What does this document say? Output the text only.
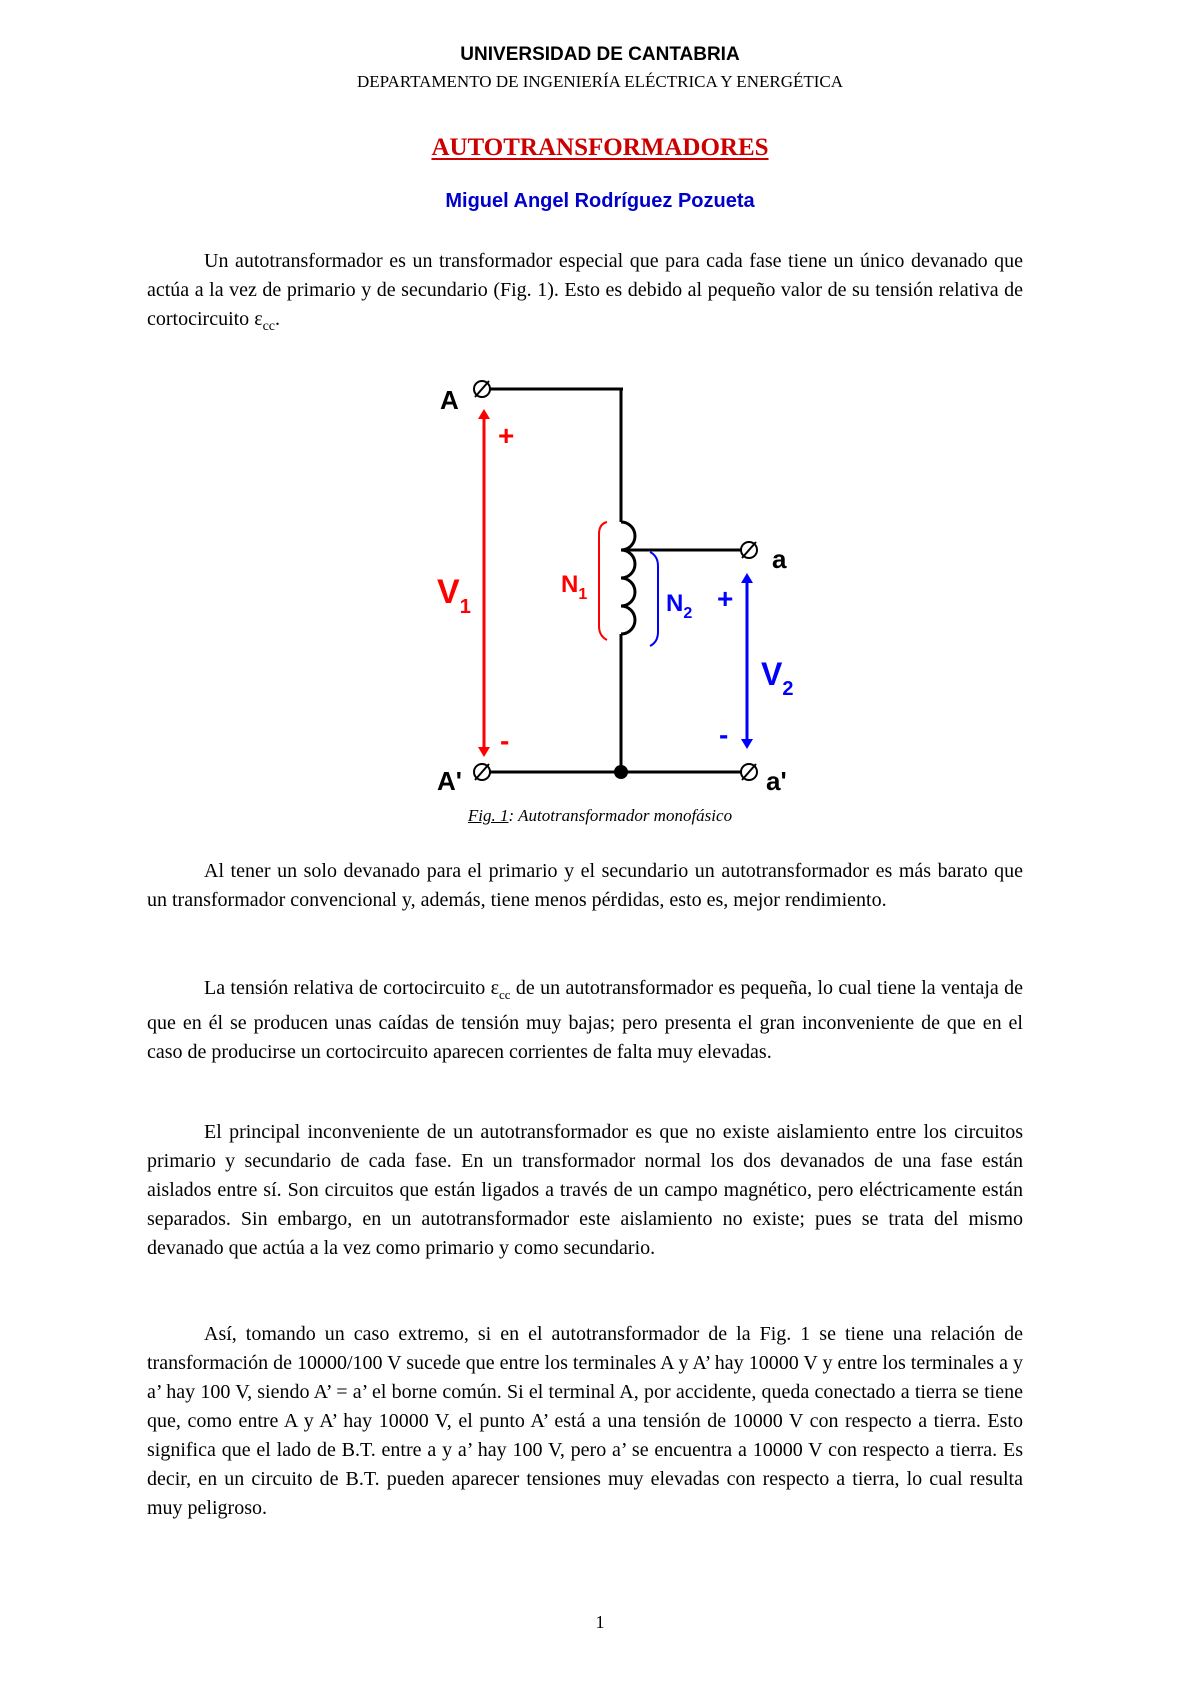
UNIVERSIDAD DE CANTABRIA
DEPARTAMENTO DE INGENIERÍA ELÉCTRICA Y ENERGÉTICA
AUTOTRANSFORMADORES
Miguel Angel Rodríguez Pozueta

Un autotransformador es un transformador especial que para cada fase tiene un único devanado que actúa a la vez de primario y de secundario (Fig. 1). Esto es debido al pequeño valor de su tensión relativa de cortocircuito $\varepsilon_{cc}$.

A
A'
a
a'
+
-
$V_1$
$N_1$	$N_2$ +
-
$V_2$
Fig. 1: Autotransformador monofásico

Al tener un solo devanado para el primario y el secundario un autotransformador es más barato que un transformador convencional y, además, tiene menos pérdidas, esto es, mejor rendimiento.

La tensión relativa de cortocircuito $\varepsilon_{cc}$ de un autotransformador es pequeña, lo cual tiene la ventaja de que en él se producen unas caídas de tensión muy bajas; pero presenta el gran inconveniente de que en el caso de producirse un cortocircuito aparecen corrientes de falta muy elevadas.

El principal inconveniente de un autotransformador es que no existe aislamiento entre los circuitos primario y secundario de cada fase. En un transformador normal los dos devanados de una fase están aislados entre sí. Son circuitos que están ligados a través de un campo magnético, pero eléctricamente están separados. Sin embargo, en un autotransformador este aislamiento no existe; pues se trata del mismo devanado que actúa a la vez como primario y como secundario.

Así, tomando un caso extremo, si en el autotransformador de la Fig. 1 se tiene una relación de transformación de 10000/100 V sucede que entre los terminales A y A’ hay 10000 V y entre los terminales a y a’ hay 100 V, siendo A’ = a’ el borne común. Si el terminal A, por accidente, queda conectado a tierra se tiene que, como entre A y A’ hay 10000 V, el punto A’ está a una tensión de 10000 V con respecto a tierra. Esto significa que el lado de B.T. entre a y a’ hay 100 V, pero a’ se encuentra a 10000 V con respecto a tierra. Es decir, en un circuito de B.T. pueden aparecer tensiones muy elevadas con respecto a tierra, lo cual resulta muy peligroso.

1
